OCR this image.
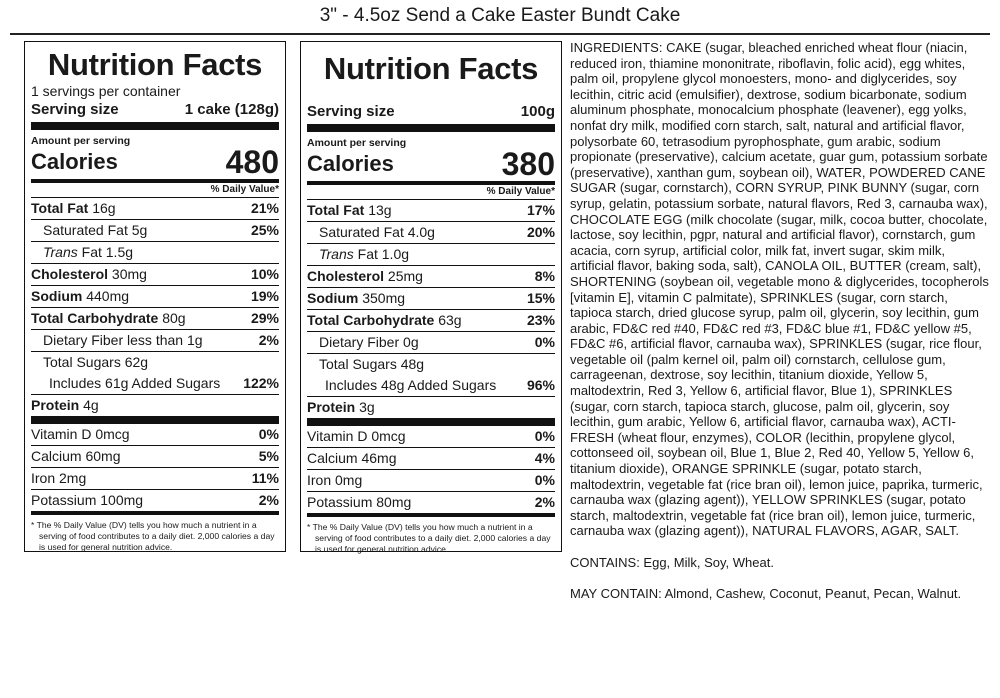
3" - 4.5oz Send a Cake Easter Bundt Cake
Nutrition Facts
1 servings per container
Serving size	1 cake (128g)
Amount per serving
Calories	480
% Daily Value*
Total Fat 16g	21%
Saturated Fat 5g	25%
Trans Fat 1.5g
Cholesterol 30mg	10%
Sodium 440mg	19%
Total Carbohydrate 80g	29%
Dietary Fiber less than 1g	2%
Total Sugars 62g
Includes 61g Added Sugars 122%
Protein 4g
Vitamin D 0mcg	0%
Calcium 60mg	5%
Iron 2mg	11%
Potassium 100mg	2%
* The % Daily Value (DV) tells you how much a nutrient in a serving of food contributes to a daily diet. 2,000 calories a day is used for general nutrition advice.
Nutrition Facts
Serving size	100g
Amount per serving
Calories	380
% Daily Value*
Total Fat 13g	17%
Saturated Fat 4.0g	20%
Trans Fat 1.0g
Cholesterol 25mg	8%
Sodium 350mg	15%
Total Carbohydrate 63g	23%
Dietary Fiber 0g	0%
Total Sugars 48g
Includes 48g Added Sugars 96%
Protein 3g
Vitamin D 0mcg	0%
Calcium 46mg	4%
Iron 0mg	0%
Potassium 80mg	2%
* The % Daily Value (DV) tells you how much a nutrient in a serving of food contributes to a daily diet. 2,000 calories a day is used for general nutrition advice.

INGREDIENTS: CAKE (sugar, bleached enriched wheat flour (niacin, reduced iron, thiamine mononitrate, riboflavin, folic acid), egg whites, palm oil, propylene glycol monoesters, mono- and diglycerides, soy lecithin, citric acid (emulsifier), dextrose, sodium bicarbonate, sodium aluminum phosphate, monocalcium phosphate (leavener), egg yolks, nonfat dry milk, modified corn starch, salt, natural and artificial flavor, polysorbate 60, tetrasodium pyrophosphate, gum arabic, sodium propionate (preservative), calcium acetate, guar gum, potassium sorbate (preservative), xanthan gum, soybean oil), WATER, POWDERED CANE SUGAR (sugar, cornstarch), CORN SYRUP, PINK BUNNY (sugar, corn syrup, gelatin, potassium sorbate, natural flavors, Red 3, carnauba wax), CHOCOLATE EGG (milk chocolate (sugar, milk, cocoa butter, chocolate, lactose, soy lecithin, pgpr, natural and artificial flavor), cornstarch, gum acacia, corn syrup, artificial color, milk fat, invert sugar, skim milk, artificial flavor, baking soda, salt), CANOLA OIL, BUTTER (cream, salt), SHORTENING (soybean oil, vegetable mono & diglycerides, tocopherols [vitamin E], vitamin C palmitate), SPRINKLES (sugar, corn starch, tapioca starch, dried glucose syrup, palm oil, glycerin, soy lecithin, gum arabic, FD&C red #40, FD&C red #3, FD&C blue #1, FD&C yellow #5, FD&C #6, artificial flavor, carnauba wax), SPRINKLES (sugar, rice flour, vegetable oil (palm kernel oil, palm oil) cornstarch, cellulose gum, carrageenan, dextrose, soy lecithin, titanium dioxide, Yellow 5, maltodextrin, Red 3, Yellow 6, artificial flavor, Blue 1), SPRINKLES (sugar, corn starch, tapioca starch, glucose, palm oil, glycerin, soy lecithin, gum arabic, Yellow 6, artificial flavor, carnauba wax), ACTI-FRESH (wheat flour, enzymes), COLOR (lecithin, propylene glycol, cottonseed oil, soybean oil, Blue 1, Blue 2, Red 40, Yellow 5, Yellow 6, titanium dioxide), ORANGE SPRINKLE (sugar, potato starch, maltodextrin, vegetable fat (rice bran oil), lemon juice, paprika, turmeric, carnauba wax (glazing agent)), YELLOW SPRINKLES (sugar, potato starch, maltodextrin, vegetable fat (rice bran oil), lemon juice, turmeric, carnauba wax (glazing agent)), NATURAL FLAVORS, AGAR, SALT.

CONTAINS: Egg, Milk, Soy, Wheat.

MAY CONTAIN: Almond, Cashew, Coconut, Peanut, Pecan, Walnut.
